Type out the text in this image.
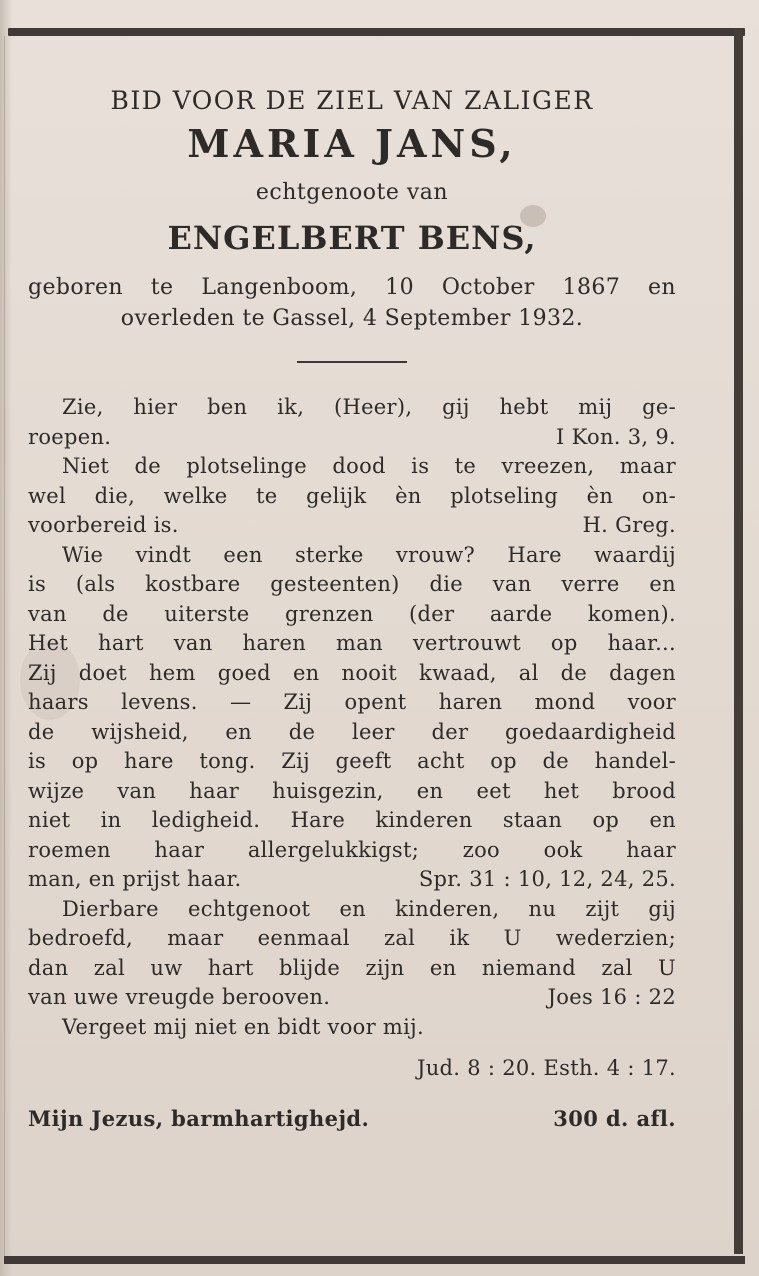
BID VOOR DE ZIEL VAN ZALIGER
MARIA JANS,
echtgenoote van
ENGELBERT BENS,
geboren te Langenboom, 10 October 1867 en
overleden te Gassel, 4 September 1932.
Zie, hier ben ik, (Heer), gij hebt mij ge-
roepen.	I Kon. 3, 9.
Niet de plotselinge dood is te vreezen, maar
wel die, welke te gelijk èn plotseling èn on-
voorbereid is.	H. Greg.
Wie vindt een sterke vrouw? Hare waardij
is (als kostbare gesteenten) die van verre en
van de uiterste grenzen (der aarde komen).
Het hart van haren man vertrouwt op haar...
Zij doet hem goed en nooit kwaad, al de dagen
haars levens. — Zij opent haren mond voor
de wijsheid, en de leer der goedaardigheid
is op hare tong. Zij geeft acht op de handel-
wijze van haar huisgezin, en eet het brood
niet in ledigheid. Hare kinderen staan op en
roemen haar allergelukkigst; zoo ook haar
man, en prijst haar.	Spr. 31 : 10, 12, 24, 25.
Dierbare echtgenoot en kinderen, nu zijt gij
bedroefd, maar eenmaal zal ik U wederzien;
dan zal uw hart blijde zijn en niemand zal U
van uwe vreugde berooven.	Joes 16 : 22
Vergeet mij niet en bidt voor mij.
Jud. 8 : 20. Esth. 4 : 17.
Mijn Jezus, barmhartighejd.	300 d. afl.
